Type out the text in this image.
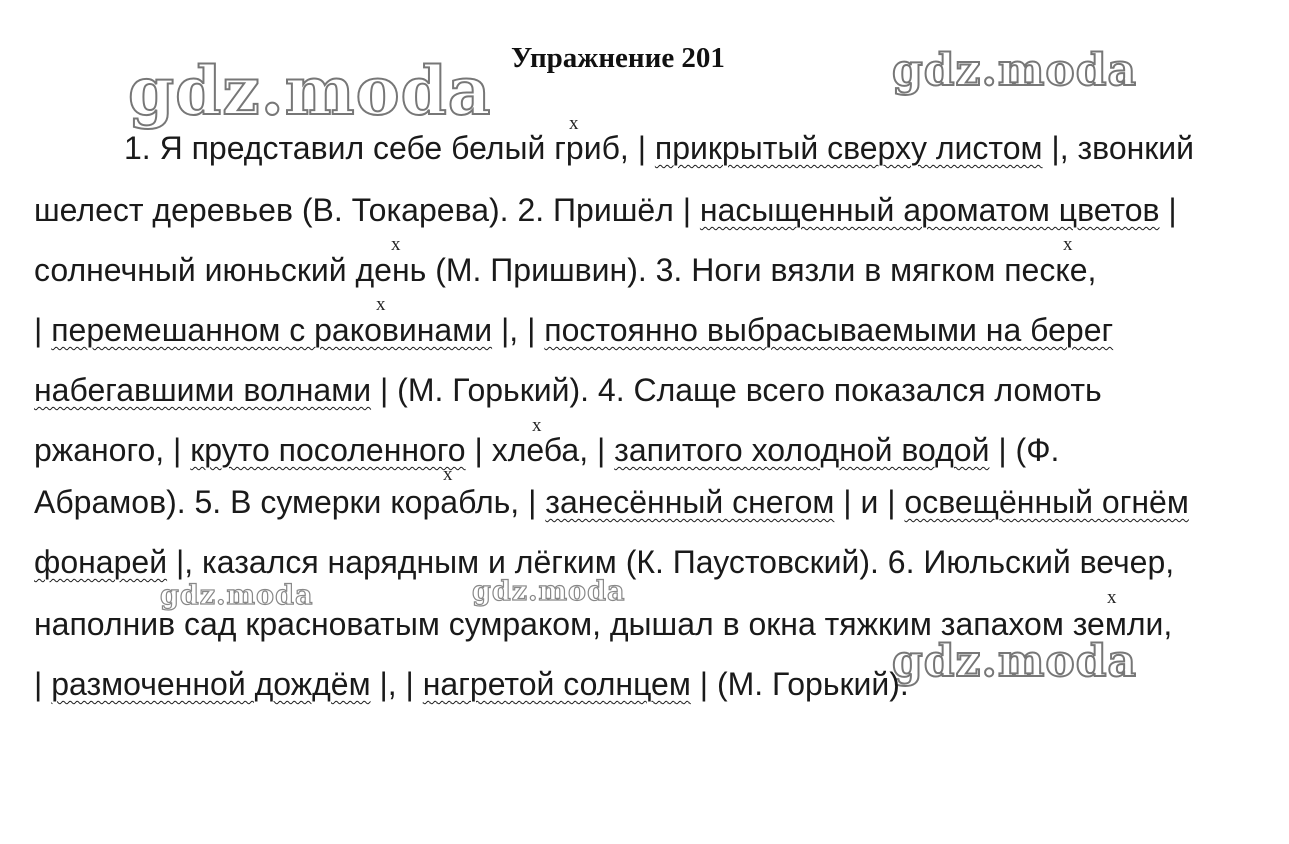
Упражнение 201
gdz.moda	gdz.moda
gdz.moda	gdz.moda
gdz.moda
x
x	x
x
x
x
x
1. Я представил себе белый гриб, | прикрытый сверху листом |, звонкий
шелест деревьев (В. Токарева). 2. Пришёл | насыщенный ароматом цветов |
солнечный июньский день (М. Пришвин). 3. Ноги вязли в мягком песке,
| перемешанном с раковинами |, | постоянно выбрасываемыми на берег
набегавшими волнами | (М. Горький). 4. Слаще всего показался ломоть
ржаного, | круто посоленного | хлеба, | запитого холодной водой | (Ф.
Абрамов). 5. В сумерки корабль, | занесённый снегом | и | освещённый огнём
фонарей |, казался нарядным и лёгким (К. Паустовский). 6. Июльский вечер,
наполнив сад красноватым сумраком, дышал в окна тяжким запахом земли,
| размоченной дождём |, | нагретой солнцем | (М. Горький).
